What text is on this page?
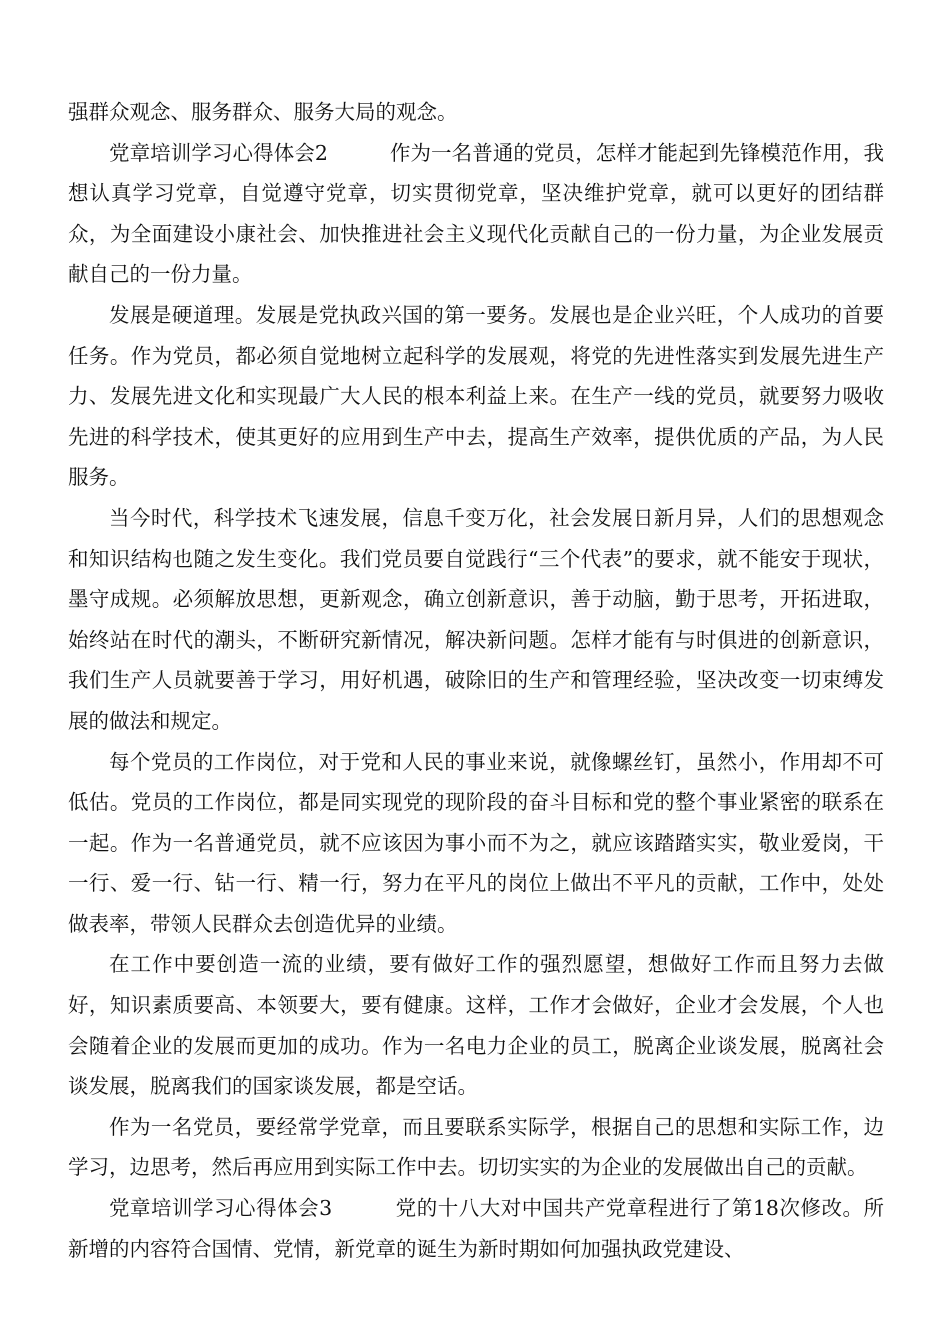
强群众观念、服务群众、服务大局的观念。

党章培训学习心得体会2　　　作为一名普通的党员，怎样才能起到先锋模范作用，我想认真学习党章，自觉遵守党章，切实贯彻党章，坚决维护党章，就可以更好的团结群众，为全面建设小康社会、加快推进社会主义现代化贡献自己的一份力量，为企业发展贡献自己的一份力量。

发展是硬道理。发展是党执政兴国的第一要务。发展也是企业兴旺，个人成功的首要任务。作为党员，都必须自觉地树立起科学的发展观，将党的先进性落实到发展先进生产力、发展先进文化和实现最广大人民的根本利益上来。在生产一线的党员，就要努力吸收先进的科学技术，使其更好的应用到生产中去，提高生产效率，提供优质的产品，为人民服务。

当今时代，科学技术飞速发展，信息千变万化，社会发展日新月异，人们的思想观念和知识结构也随之发生变化。我们党员要自觉践行“三个代表”的要求，就不能安于现状，墨守成规。必须解放思想，更新观念，确立创新意识，善于动脑，勤于思考，开拓进取，始终站在时代的潮头，不断研究新情况，解决新问题。怎样才能有与时俱进的创新意识，我们生产人员就要善于学习，用好机遇，破除旧的生产和管理经验，坚决改变一切束缚发展的做法和规定。

每个党员的工作岗位，对于党和人民的事业来说，就像螺丝钉，虽然小，作用却不可低估。党员的工作岗位，都是同实现党的现阶段的奋斗目标和党的整个事业紧密的联系在一起。作为一名普通党员，就不应该因为事小而不为之，就应该踏踏实实，敬业爱岗，干一行、爱一行、钻一行、精一行，努力在平凡的岗位上做出不平凡的贡献，工作中，处处做表率，带领人民群众去创造优异的业绩。

在工作中要创造一流的业绩，要有做好工作的强烈愿望，想做好工作而且努力去做好，知识素质要高、本领要大，要有健康。这样，工作才会做好，企业才会发展，个人也会随着企业的发展而更加的成功。作为一名电力企业的员工，脱离企业谈发展，脱离社会谈发展，脱离我们的国家谈发展，都是空话。

作为一名党员，要经常学党章，而且要联系实际学，根据自己的思想和实际工作，边学习，边思考，然后再应用到实际工作中去。切切实实的为企业的发展做出自己的贡献。

党章培训学习心得体会3　　　党的十八大对中国共产党章程进行了第18次修改。所新增的内容符合国情、党情，新党章的诞生为新时期如何加强执政党建设、
